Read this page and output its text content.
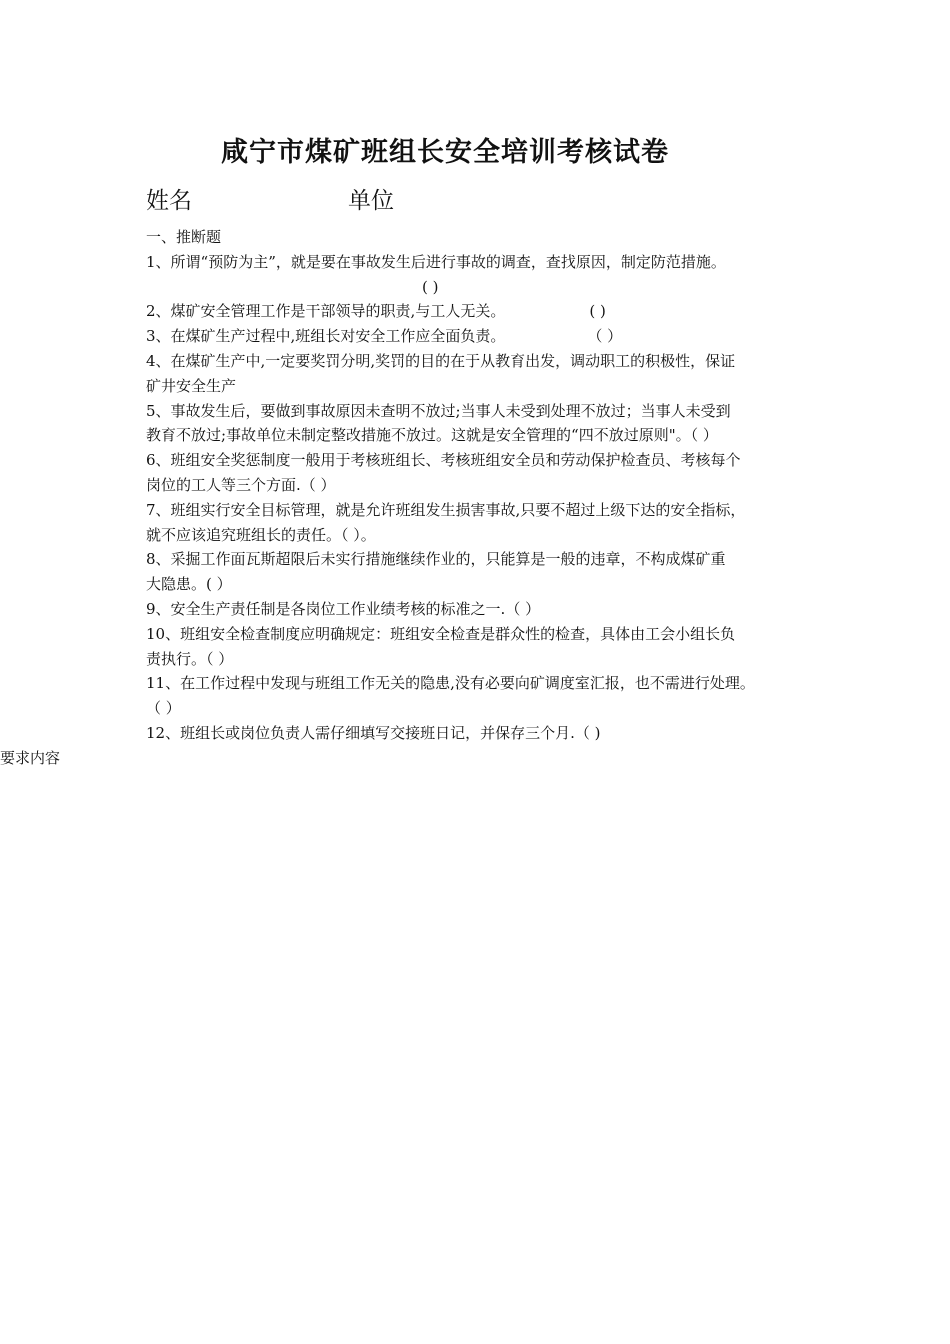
咸宁市煤矿班组长安全培训考核试卷
姓名	单位

一、推断题

1、所谓“预防为主”，就是要在事故发生后进行事故的调查，查找原因，制定防范措施。

( )

2、煤矿安全管理工作是干部领导的职责,与工人无关。	( )

3、在煤矿生产过程中,班组长对安全工作应全面负责。	（ ）

4、在煤矿生产中,一定要奖罚分明,奖罚的目的在于从教育出发，调动职工的积极性，保证

矿井安全生产

5、事故发生后，要做到事故原因未查明不放过;当事人未受到处理不放过；当事人未受到

教育不放过;事故单位未制定整改措施不放过。这就是安全管理的“四不放过原则"。（ ）

6、班组安全奖惩制度一般用于考核班组长、考核班组安全员和劳动保护检查员、考核每个

岗位的工人等三个方面.（ ）

7、班组实行安全目标管理，就是允许班组发生损害事故,只要不超过上级下达的安全指标，

就不应该追究班组长的责任。（ ）。

8、采掘工作面瓦斯超限后未实行措施继续作业的，只能算是一般的违章，不构成煤矿重

大隐患。( ）

9、安全生产责任制是各岗位工作业绩考核的标准之一.（ ）

10、班组安全检查制度应明确规定：班组安全检查是群众性的检查，具体由工会小组长负

责执行。（ ）

11、在工作过程中发现与班组工作无关的隐患,没有必要向矿调度室汇报，也不需进行处理。

（ ）

12、班组长或岗位负责人需仔细填写交接班日记，并保存三个月.（ )

要求内容
